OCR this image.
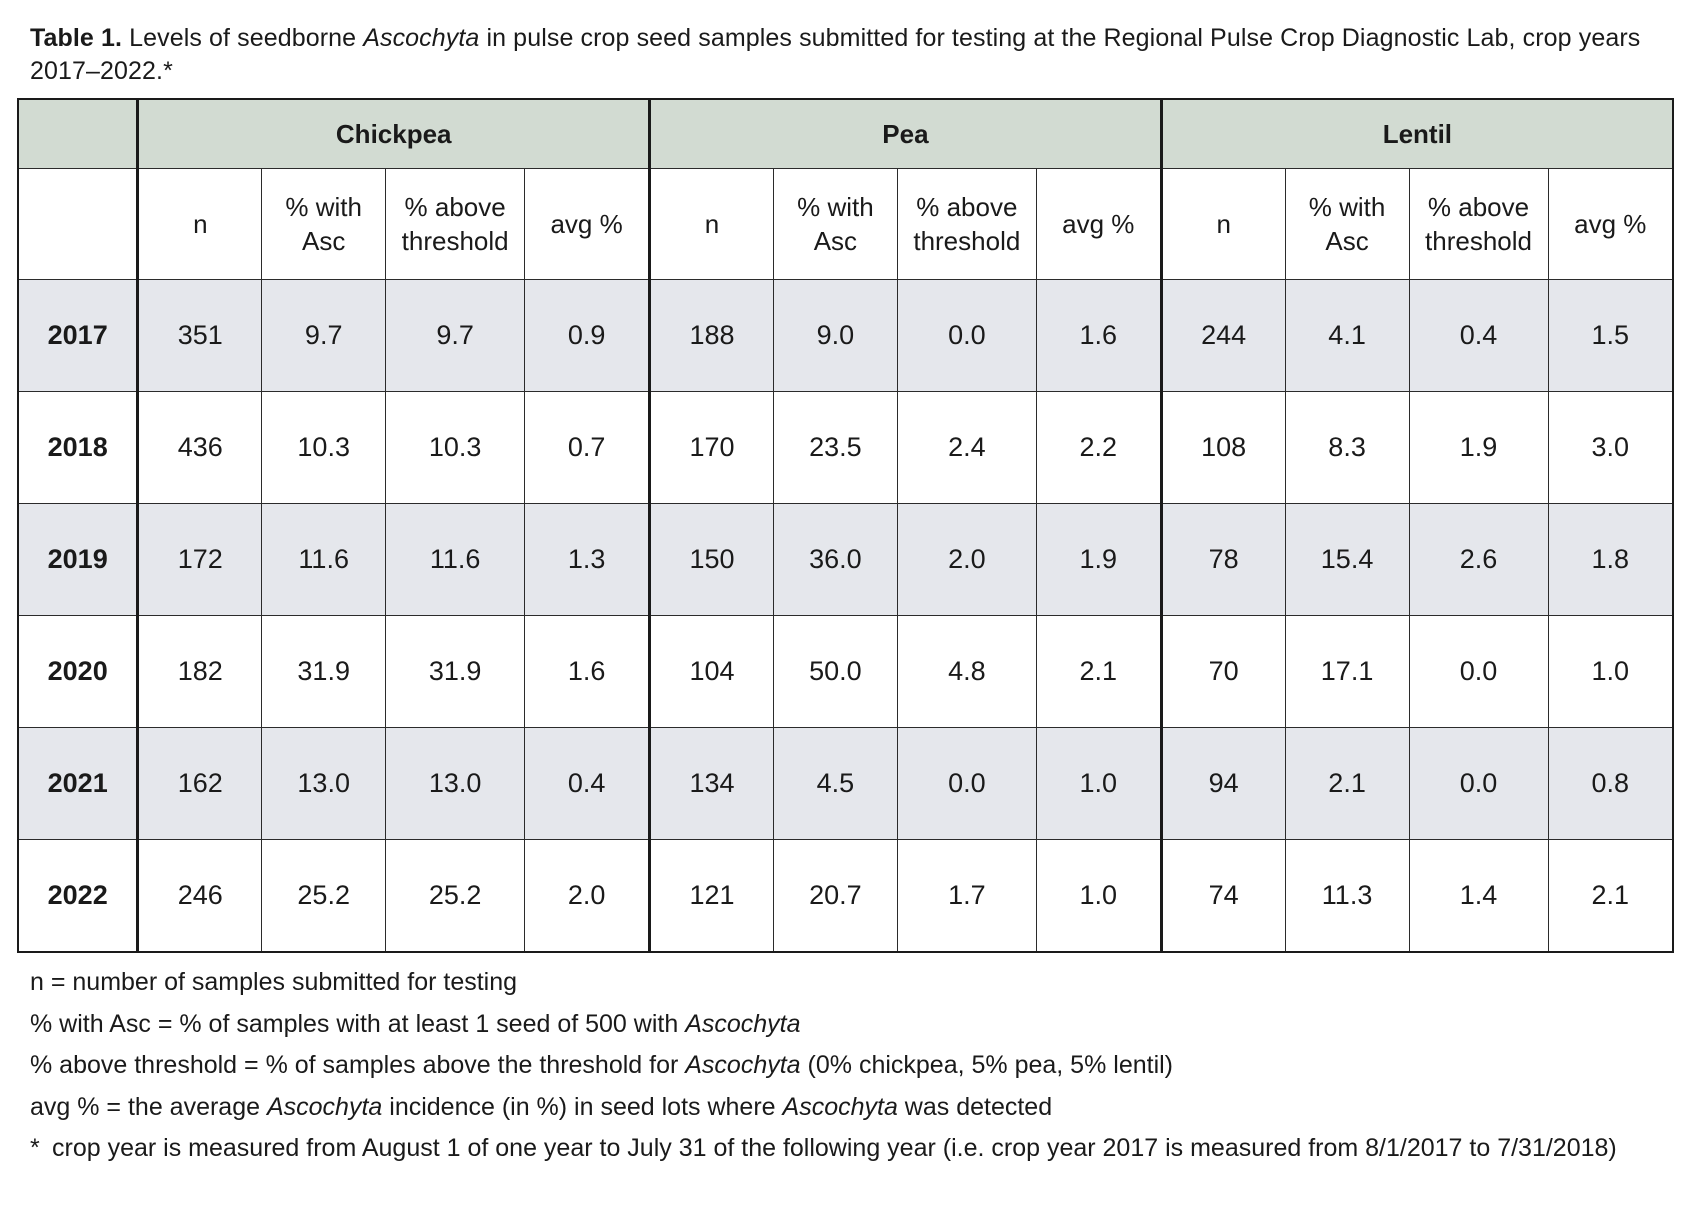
Table 1. Levels of seedborne Ascochyta in pulse crop seed samples submitted for testing at the Regional Pulse Crop Diagnostic Lab, crop years 2017–2022.*
	Chickpea				Pea				Lentil			
	n	% with Asc	% above threshold	avg %	n	% with Asc	% above threshold	avg %	n	% with Asc	% above threshold	avg %
2017	351	9.7	9.7	0.9	188	9.0	0.0	1.6	244	4.1	0.4	1.5
2018	436	10.3	10.3	0.7	170	23.5	2.4	2.2	108	8.3	1.9	3.0
2019	172	11.6	11.6	1.3	150	36.0	2.0	1.9	78	15.4	2.6	1.8
2020	182	31.9	31.9	1.6	104	50.0	4.8	2.1	70	17.1	0.0	1.0
2021	162	13.0	13.0	0.4	134	4.5	0.0	1.0	94	2.1	0.0	0.8
2022	246	25.2	25.2	2.0	121	20.7	1.7	1.0	74	11.3	1.4	2.1

n = number of samples submitted for testing

% with Asc = % of samples with at least 1 seed of 500 with Ascochyta

% above threshold = % of samples above the threshold for Ascochyta (0% chickpea, 5% pea, 5% lentil)

avg % = the average Ascochyta incidence (in %) in seed lots where Ascochyta was detected

* crop year is measured from August 1 of one year to July 31 of the following year (i.e. crop year 2017 is measured from 8/1/2017 to 7/31/2018)
